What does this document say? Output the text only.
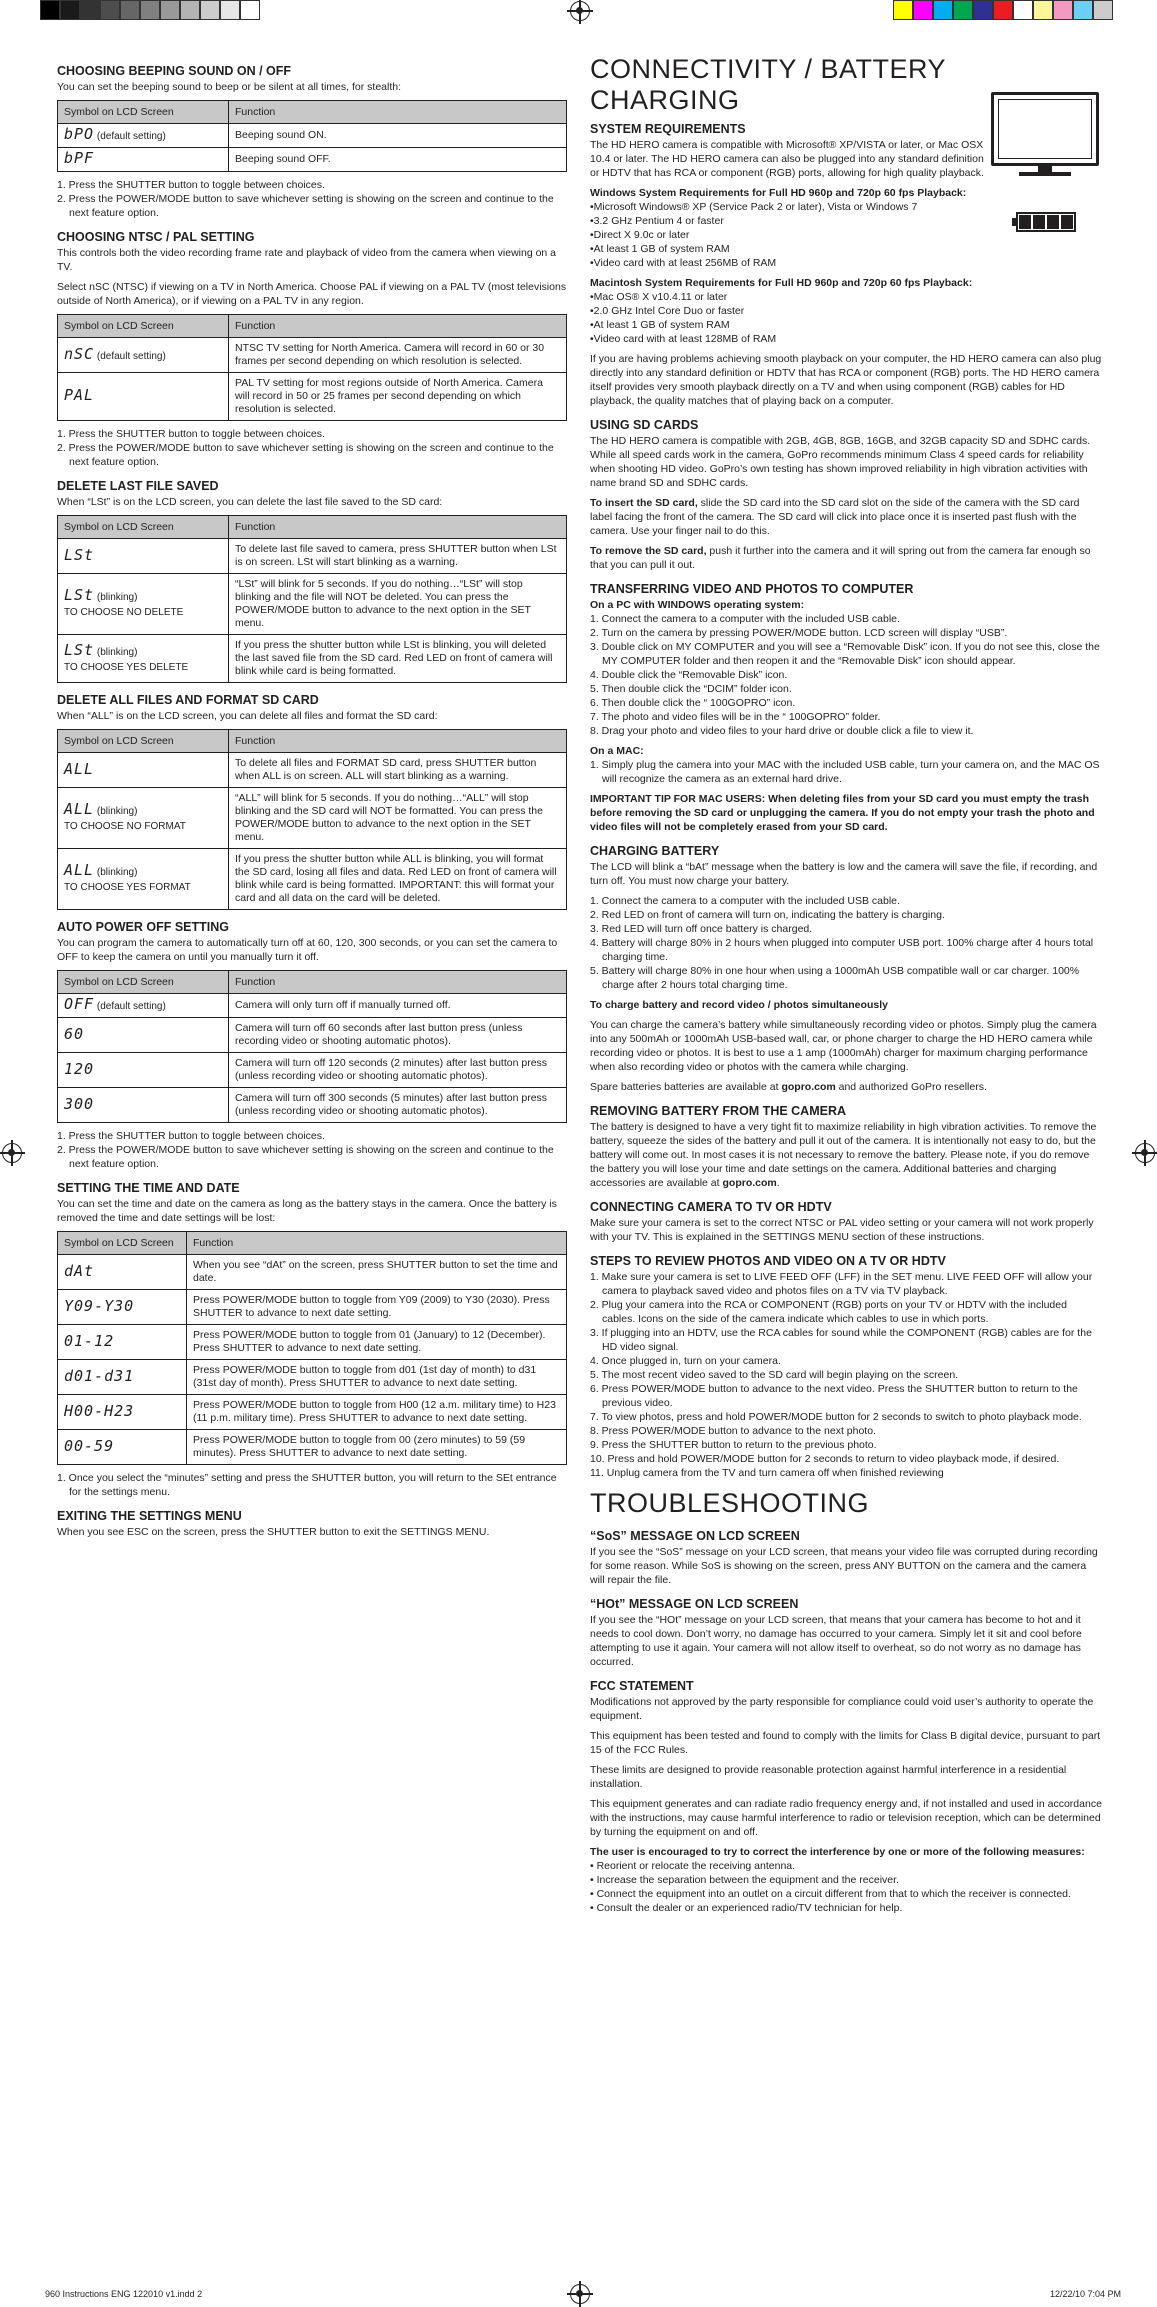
CHOOSING BEEPING SOUND ON / OFF

You can set the beeping sound to beep or be silent at all times, for stealth:

Symbol on LCD Screen	Function
bPO (default setting)	Beeping sound ON.
bPF	Beeping sound OFF.
1. Press the SHUTTER button to toggle between choices.
2. Press the POWER/MODE button to save whichever setting is showing on the screen and continue to the next feature option.
CHOOSING NTSC / PAL SETTING

This controls both the video recording frame rate and playback of video from the camera when viewing on a TV.

Select nSC (NTSC) if viewing on a TV in North America. Choose PAL if viewing on a PAL TV (most televisions outside of North America), or if viewing on a PAL TV in any region.

Symbol on LCD Screen	Function
nSC (default setting)	NTSC TV setting for North America. Camera will record in 60 or 30 frames per second depending on which resolution is selected.
PAL	PAL TV setting for most regions outside of North America. Camera will record in 50 or 25 frames per second depending on which resolution is selected.
1. Press the SHUTTER button to toggle between choices.
2. Press the POWER/MODE button to save whichever setting is showing on the screen and continue to the next feature option.
DELETE LAST FILE SAVED

When “LSt” is on the LCD screen, you can delete the last file saved to the SD card:

Symbol on LCD Screen	Function
LSt	To delete last file saved to camera, press SHUTTER button when LSt is on screen. LSt will start blinking as a warning.
LSt (blinking)
TO CHOOSE NO DELETE	“LSt” will blink for 5 seconds. If you do nothing…“LSt” will stop blinking and the file will NOT be deleted. You can press the POWER/MODE button to advance to the next option in the SET menu.
LSt (blinking)
TO CHOOSE YES DELETE	If you press the shutter button while LSt is blinking, you will deleted the last saved file from the SD card. Red LED on front of camera will blink while card is being formatted.
DELETE ALL FILES AND FORMAT SD CARD

When “ALL” is on the LCD screen, you can delete all files and format the SD card:

Symbol on LCD Screen	Function
ALL	To delete all files and FORMAT SD card, press SHUTTER button when ALL is on screen. ALL will start blinking as a warning.
ALL (blinking)
TO CHOOSE NO FORMAT	“ALL” will blink for 5 seconds. If you do nothing…“ALL” will stop blinking and the SD card will NOT be formatted. You can press the POWER/MODE button to advance to the next option in the SET menu.
ALL (blinking)
TO CHOOSE YES FORMAT	If you press the shutter button while ALL is blinking, you will format the SD card, losing all files and data. Red LED on front of camera will blink while card is being formatted. IMPORTANT: this will format your card and all data on the card will be deleted.
AUTO POWER OFF SETTING

You can program the camera to automatically turn off at 60, 120, 300 seconds, or you can set the camera to OFF to keep the camera on until you manually turn it off.

Symbol on LCD Screen	Function
OFF (default setting)	Camera will only turn off if manually turned off.
60	Camera will turn off 60 seconds after last button press (unless recording video or shooting automatic photos).
120	Camera will turn off 120 seconds (2 minutes) after last button press (unless recording video or shooting automatic photos).
300	Camera will turn off 300 seconds (5 minutes) after last button press (unless recording video or shooting automatic photos).
1. Press the SHUTTER button to toggle between choices.
2. Press the POWER/MODE button to save whichever setting is showing on the screen and continue to the next feature option.
SETTING THE TIME AND DATE

You can set the time and date on the camera as long as the battery stays in the camera. Once the battery is removed the time and date settings will be lost:

Symbol on LCD Screen	Function
dAt	When you see “dAt” on the screen, press SHUTTER button to set the time and date.
Y09-Y30	Press POWER/MODE button to toggle from Y09 (2009) to Y30 (2030). Press SHUTTER to advance to next date setting.
01-12	Press POWER/MODE button to toggle from 01 (January) to 12 (December). Press SHUTTER to advance to next date setting.
d01-d31	Press POWER/MODE button to toggle from d01 (1st day of month) to d31 (31st day of month). Press SHUTTER to advance to next date setting.
H00-H23	Press POWER/MODE button to toggle from H00 (12 a.m. military time) to H23 (11 p.m. military time). Press SHUTTER to advance to next date setting.
00-59	Press POWER/MODE button to toggle from 00 (zero minutes) to 59 (59 minutes). Press SHUTTER to advance to next date setting.
1. Once you select the “minutes” setting and press the SHUTTER button, you will return to the SEt entrance for the settings menu.
EXITING THE SETTINGS MENU

When you see ESC on the screen, press the SHUTTER button to exit the SETTINGS MENU.

CONNECTIVITY / BATTERY CHARGING
SYSTEM REQUIREMENTS

The HD HERO camera is compatible with Microsoft® XP/VISTA or later, or Mac OSX 10.4 or later. The HD HERO camera can also be plugged into any standard definition or HDTV that has RCA or component (RGB) ports, allowing for high quality playback.

Windows System Requirements for Full HD 960p and 720p 60 fps Playback:

•Microsoft Windows® XP (Service Pack 2 or later), Vista or Windows 7
•3.2 GHz Pentium 4 or faster
•Direct X 9.0c or later
•At least 1 GB of system RAM
•Video card with at least 256MB of RAM

Macintosh System Requirements for Full HD 960p and 720p 60 fps Playback:

•Mac OS® X v10.4.11 or later
•2.0 GHz Intel Core Duo or faster
•At least 1 GB of system RAM
•Video card with at least 128MB of RAM

If you are having problems achieving smooth playback on your computer, the HD HERO camera can also plug directly into any standard definition or HDTV that has RCA or component (RGB) ports. The HD HERO camera itself provides very smooth playback directly on a TV and when using component (RGB) cables for HD playback, the quality matches that of playing back on a computer.

USING SD CARDS

The HD HERO camera is compatible with 2GB, 4GB, 8GB, 16GB, and 32GB capacity SD and SDHC cards. While all speed cards work in the camera, GoPro recommends minimum Class 4 speed cards for reliability when shooting HD video. GoPro’s own testing has shown improved reliability in high vibration activities with name brand SD and SDHC cards.

To insert the SD card, slide the SD card into the SD card slot on the side of the camera with the SD card label facing the front of the camera. The SD card will click into place once it is inserted past flush with the camera. Use your finger nail to do this.

To remove the SD card, push it further into the camera and it will spring out from the camera far enough so that you can pull it out.

TRANSFERRING VIDEO AND PHOTOS TO COMPUTER

On a PC with WINDOWS operating system:

1. Connect the camera to a computer with the included USB cable.
2. Turn on the camera by pressing POWER/MODE button. LCD screen will display “USB”.
3. Double click on MY COMPUTER and you will see a “Removable Disk” icon. If you do not see this, close the MY COMPUTER folder and then reopen it and the “Removable Disk” icon should appear.
4. Double click the “Removable Disk” icon.
5. Then double click the “DCIM” folder icon.
6. Then double click the “ 100GOPRO” icon.
7. The photo and video files will be in the “ 100GOPRO” folder.
8. Drag your photo and video files to your hard drive or double click a file to view it.

On a MAC:

1. Simply plug the camera into your MAC with the included USB cable, turn your camera on, and the MAC OS will recognize the camera as an external hard drive.

IMPORTANT TIP FOR MAC USERS: When deleting files from your SD card you must empty the trash before removing the SD card or unplugging the camera. If you do not empty your trash the photo and video files will not be completely erased from your SD card.

CHARGING BATTERY

The LCD will blink a “bAt” message when the battery is low and the camera will save the file, if recording, and turn off. You must now charge your battery.

1. Connect the camera to a computer with the included USB cable.
2. Red LED on front of camera will turn on, indicating the battery is charging.
3. Red LED will turn off once battery is charged.
4. Battery will charge 80% in 2 hours when plugged into computer USB port. 100% charge after 4 hours total charging time.
5. Battery will charge 80% in one hour when using a 1000mAh USB compatible wall or car charger. 100% charge after 2 hours total charging time.

To charge battery and record video / photos simultaneously

You can charge the camera’s battery while simultaneously recording video or photos. Simply plug the camera into any 500mAh or 1000mAh USB-based wall, car, or phone charger to charge the HD HERO camera while recording video or photos. It is best to use a 1 amp (1000mAh) charger for maximum charging performance when also recording video or photos with the camera while charging.

Spare batteries batteries are available at gopro.com and authorized GoPro resellers.

REMOVING BATTERY FROM THE CAMERA

The battery is designed to have a very tight fit to maximize reliability in high vibration activities. To remove the battery, squeeze the sides of the battery and pull it out of the camera. It is intentionally not easy to do, but the battery will come out. In most cases it is not necessary to remove the battery. Please note, if you do remove the battery you will lose your time and date settings on the camera. Additional batteries and charging accessories are available at gopro.com.

CONNECTING CAMERA TO TV OR HDTV

Make sure your camera is set to the correct NTSC or PAL video setting or your camera will not work properly with your TV. This is explained in the SETTINGS MENU section of these instructions.

STEPS TO REVIEW PHOTOS AND VIDEO ON A TV OR HDTV
1. Make sure your camera is set to LIVE FEED OFF (LFF) in the SET menu. LIVE FEED OFF will allow your camera to playback saved video and photos files on a TV via TV playback.
2. Plug your camera into the RCA or COMPONENT (RGB) ports on your TV or HDTV with the included cables. Icons on the side of the camera indicate which cables to use in which ports.
3. If plugging into an HDTV, use the RCA cables for sound while the COMPONENT (RGB) cables are for the HD video signal.
4. Once plugged in, turn on your camera.
5. The most recent video saved to the SD card will begin playing on the screen.
6. Press POWER/MODE button to advance to the next video. Press the SHUTTER button to return to the previous video.
7. To view photos, press and hold POWER/MODE button for 2 seconds to switch to photo playback mode.
8. Press POWER/MODE button to advance to the next photo.
9. Press the SHUTTER button to return to the previous photo.
10. Press and hold POWER/MODE button for 2 seconds to return to video playback mode, if desired.
11. Unplug camera from the TV and turn camera off when finished reviewing
TROUBLESHOOTING
“SoS” MESSAGE ON LCD SCREEN

If you see the “SoS” message on your LCD screen, that means your video file was corrupted during recording for some reason. While SoS is showing on the screen, press ANY BUTTON on the camera and the camera will repair the file.

“HOt” MESSAGE ON LCD SCREEN

If you see the “HOt” message on your LCD screen, that means that your camera has become to hot and it needs to cool down. Don’t worry, no damage has occurred to your camera. Simply let it sit and cool before attempting to use it again. Your camera will not allow itself to overheat, so do not worry as no damage has occurred.

FCC STATEMENT

Modifications not approved by the party responsible for compliance could void user’s authority to operate the equipment.

This equipment has been tested and found to comply with the limits for Class B digital device, pursuant to part 15 of the FCC Rules.

These limits are designed to provide reasonable protection against harmful interference in a residential installation.

This equipment generates and can radiate radio frequency energy and, if not installed and used in accordance with the instructions, may cause harmful interference to radio or television reception, which can be determined by turning the equipment on and off.

The user is encouraged to try to correct the interference by one or more of the following measures:

• Reorient or relocate the receiving antenna.
• Increase the separation between the equipment and the receiver.
• Connect the equipment into an outlet on a circuit different from that to which the receiver is connected.
• Consult the dealer or an experienced radio/TV technician for help.
960 Instructions ENG 122010 v1.indd 2	12/22/10 7:04 PM
